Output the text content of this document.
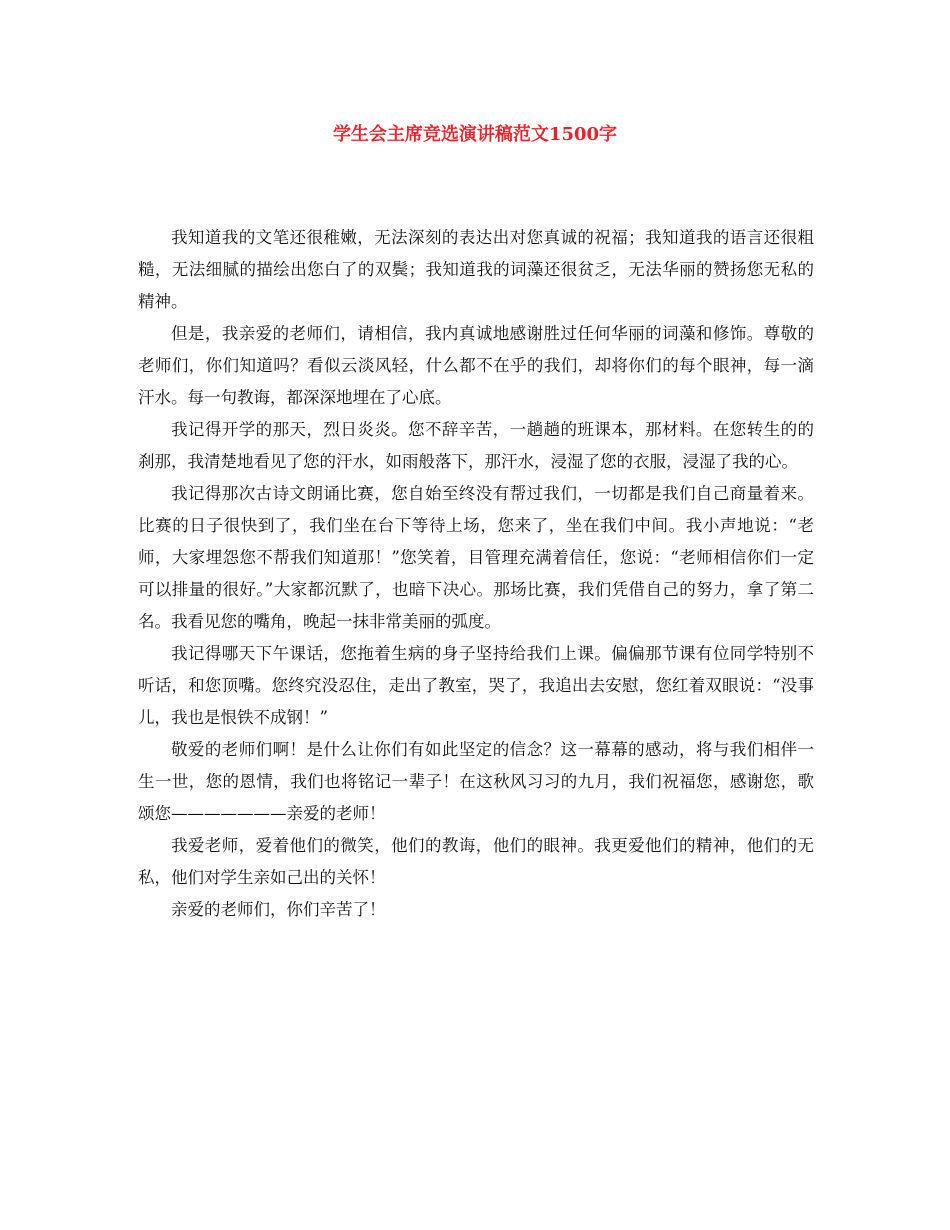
学生会主席竞选演讲稿范文1500字

我知道我的文笔还很稚嫩，无法深刻的表达出对您真诚的祝福；我知道我的语言还很粗糙，无法细腻的描绘出您白了的双鬓；我知道我的词藻还很贫乏，无法华丽的赞扬您无私的精神。

但是，我亲爱的老师们，请相信，我内真诚地感谢胜过任何华丽的词藻和修饰。尊敬的老师们，你们知道吗？看似云淡风轻，什么都不在乎的我们，却将你们的每个眼神，每一滴汗水。每一句教诲，都深深地埋在了心底。

我记得开学的那天，烈日炎炎。您不辞辛苦，一趟趟的班课本，那材料。在您转生的的刹那，我清楚地看见了您的汗水，如雨般落下，那汗水，浸湿了您的衣服，浸湿了我的心。

我记得那次古诗文朗诵比赛，您自始至终没有帮过我们，一切都是我们自己商量着来。比赛的日子很快到了，我们坐在台下等待上场，您来了，坐在我们中间。我小声地说：“老师，大家埋怨您不帮我们知道那！”您笑着，目管理充满着信任，您说：“老师相信你们一定可以排量的很好。”大家都沉默了，也暗下决心。那场比赛，我们凭借自己的努力，拿了第二名。我看见您的嘴角，晚起一抹非常美丽的弧度。

我记得哪天下午课话，您拖着生病的身子坚持给我们上课。偏偏那节课有位同学特别不听话，和您顶嘴。您终究没忍住，走出了教室，哭了，我追出去安慰，您红着双眼说：“没事儿，我也是恨铁不成钢！”

敬爱的老师们啊！是什么让你们有如此坚定的信念？这一幕幕的感动，将与我们相伴一生一世，您的恩情，我们也将铭记一辈子！在这秋风习习的九月，我们祝福您，感谢您，歌颂您———————亲爱的老师！

我爱老师，爱着他们的微笑，他们的教诲，他们的眼神。我更爱他们的精神，他们的无私，他们对学生亲如己出的关怀！

亲爱的老师们，你们辛苦了！
